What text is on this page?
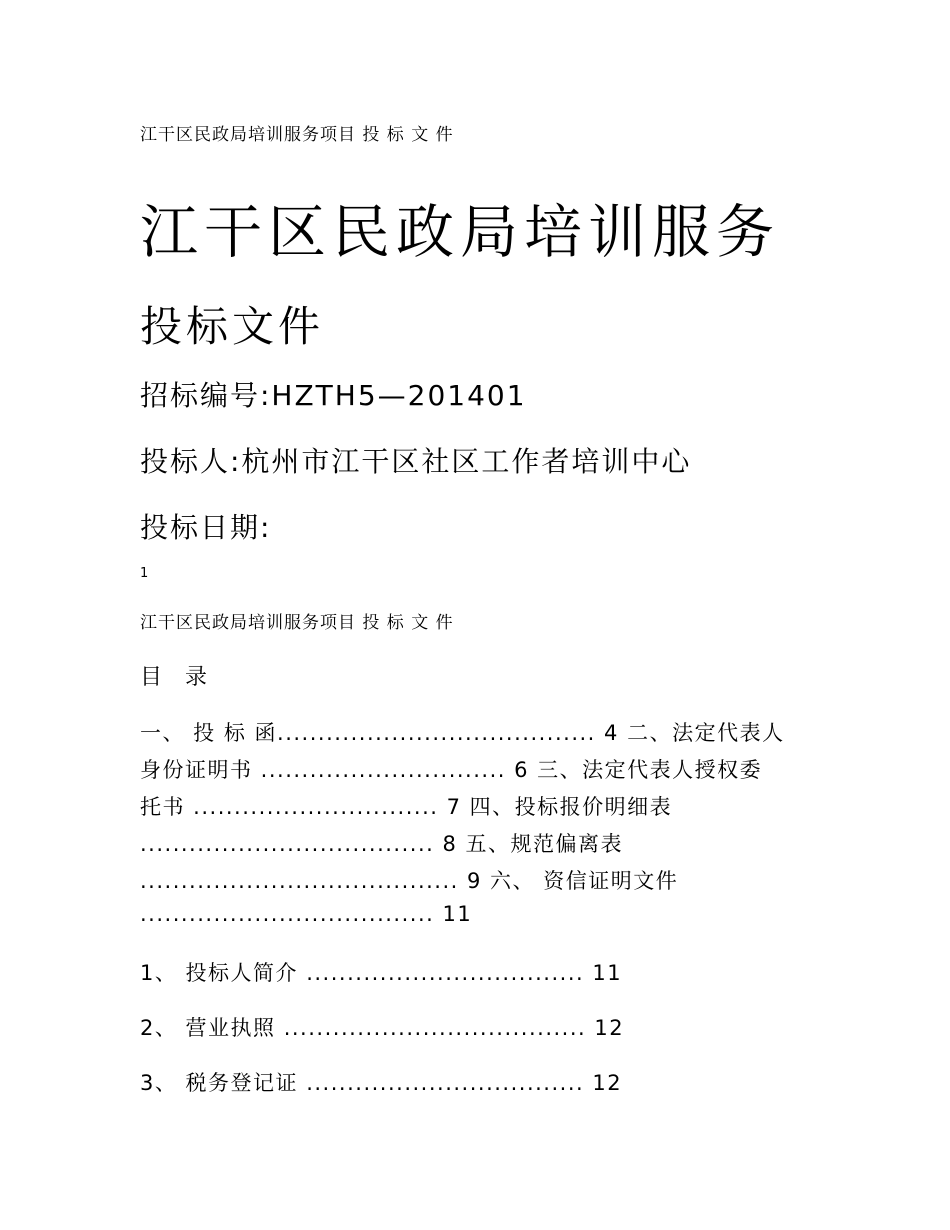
江干区民政局培训服务项目 投 标 文 件

江干区民政局培训服务

投标文件

招标编号:HZTH5—201401

投标人:杭州市江干区社区工作者培训中心

投标日期:

1

江干区民政局培训服务项目 投 标 文 件

目 录

一、 投 标 函....................................... 4 二、法定代表人

身份证明书 .............................. 6 三、法定代表人授权委

托书 .............................. 7 四、投标报价明细表

.................................... 8 五、规范偏离表

....................................... 9 六、 资信证明文件

.................................... 11

1、 投标人简介 .................................. 11

2、 营业执照 ..................................... 12

3、 税务登记证 .................................. 12
